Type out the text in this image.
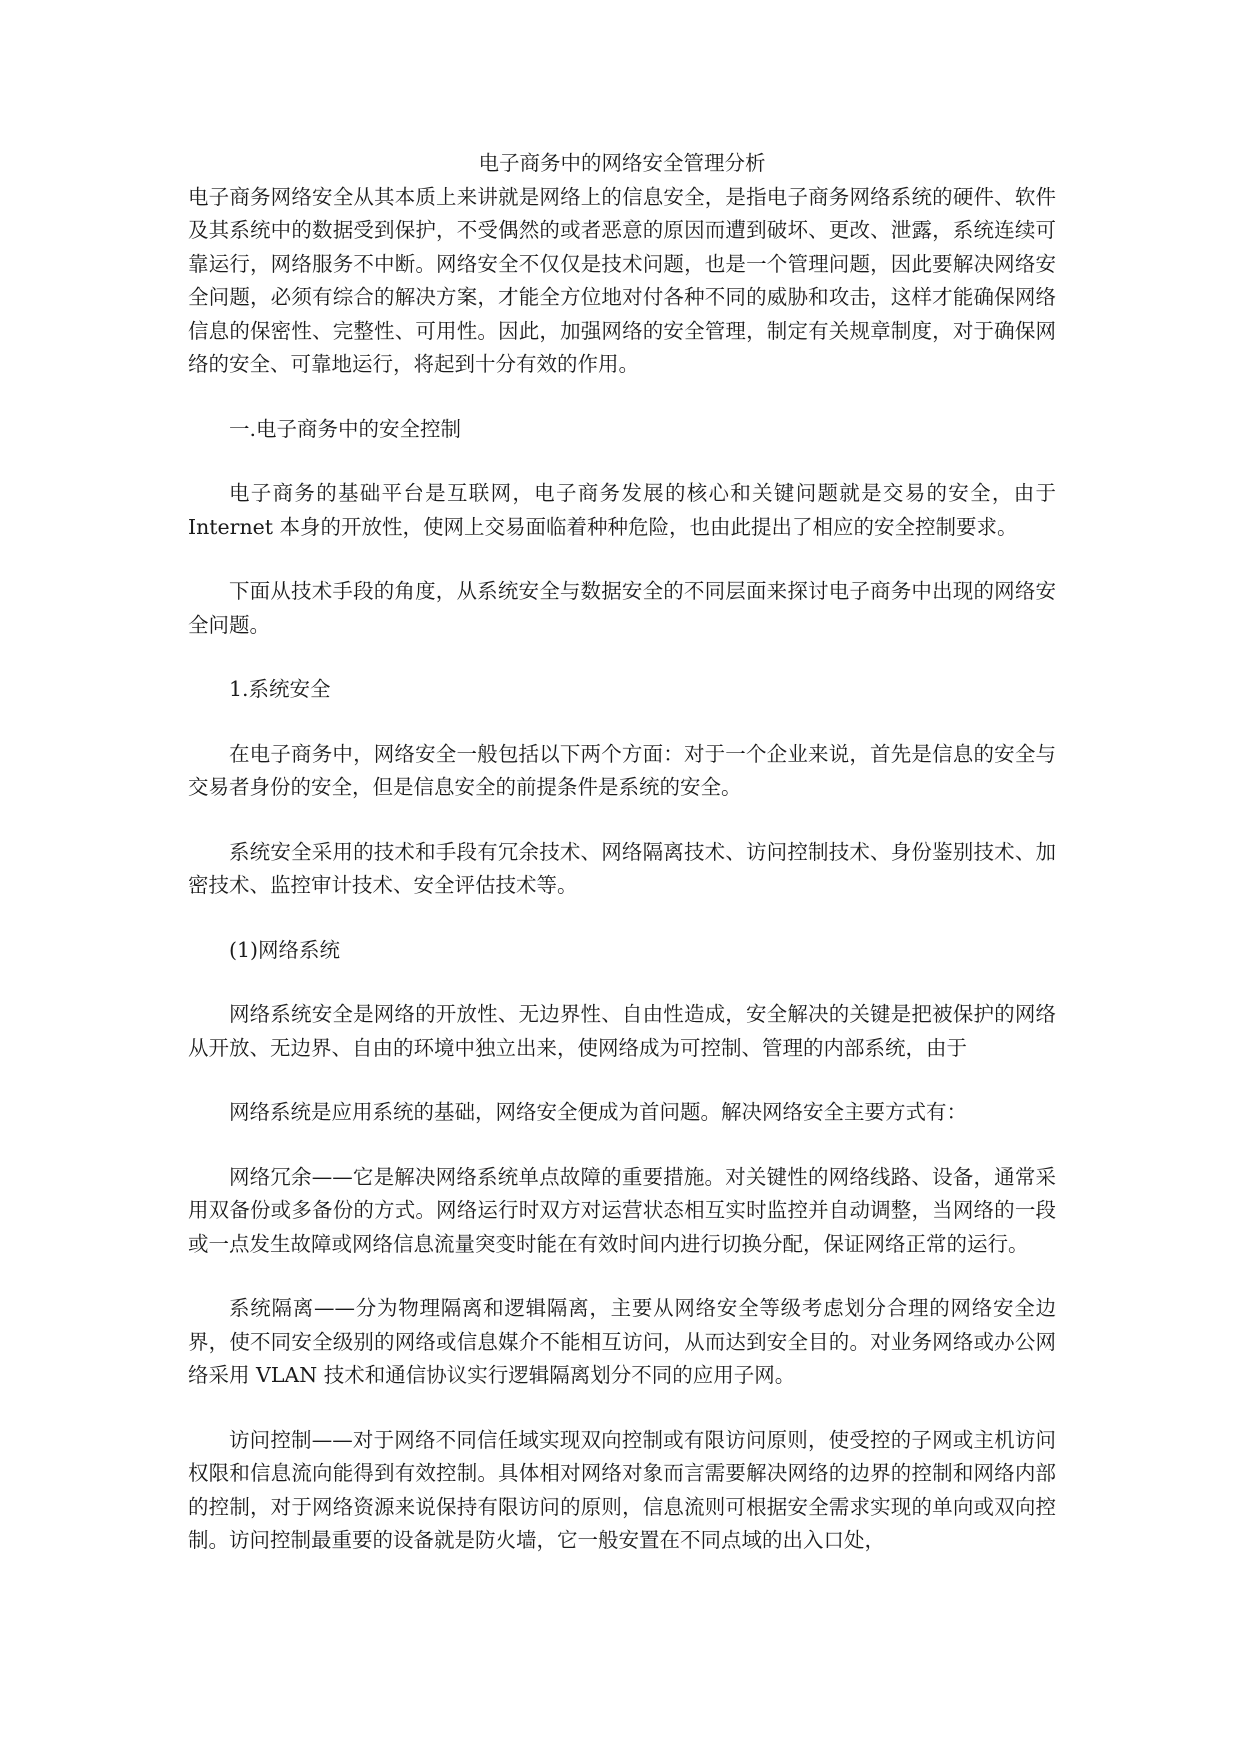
电子商务中的网络安全管理分析

电子商务网络安全从其本质上来讲就是网络上的信息安全，是指电子商务网络系统的硬件、软件及其系统中的数据受到保护，不受偶然的或者恶意的原因而遭到破坏、更改、泄露，系统连续可靠运行，网络服务不中断。网络安全不仅仅是技术问题，也是一个管理问题，因此要解决网络安全问题，必须有综合的解决方案，才能全方位地对付各种不同的威胁和攻击，这样才能确保网络信息的保密性、完整性、可用性。因此，加强网络的安全管理，制定有关规章制度，对于确保网络的安全、可靠地运行，将起到十分有效的作用。

一.电子商务中的安全控制

电子商务的基础平台是互联网，电子商务发展的核心和关键问题就是交易的安全，由于Internet 本身的开放性，使网上交易面临着种种危险，也由此提出了相应的安全控制要求。

下面从技术手段的角度，从系统安全与数据安全的不同层面来探讨电子商务中出现的网络安全问题。

1.系统安全

在电子商务中，网络安全一般包括以下两个方面：对于一个企业来说，首先是信息的安全与交易者身份的安全，但是信息安全的前提条件是系统的安全。

系统安全采用的技术和手段有冗余技术、网络隔离技术、访问控制技术、身份鉴别技术、加密技术、监控审计技术、安全评估技术等。

(1)网络系统

网络系统安全是网络的开放性、无边界性、自由性造成，安全解决的关键是把被保护的网络从开放、无边界、自由的环境中独立出来，使网络成为可控制、管理的内部系统，由于

网络系统是应用系统的基础，网络安全便成为首问题。解决网络安全主要方式有：

网络冗余——它是解决网络系统单点故障的重要措施。对关键性的网络线路、设备，通常采用双备份或多备份的方式。网络运行时双方对运营状态相互实时监控并自动调整，当网络的一段或一点发生故障或网络信息流量突变时能在有效时间内进行切换分配，保证网络正常的运行。

系统隔离——分为物理隔离和逻辑隔离，主要从网络安全等级考虑划分合理的网络安全边界，使不同安全级别的网络或信息媒介不能相互访问，从而达到安全目的。对业务网络或办公网络采用 VLAN 技术和通信协议实行逻辑隔离划分不同的应用子网。

访问控制——对于网络不同信任域实现双向控制或有限访问原则，使受控的子网或主机访问权限和信息流向能得到有效控制。具体相对网络对象而言需要解决网络的边界的控制和网络内部的控制，对于网络资源来说保持有限访问的原则，信息流则可根据安全需求实现的单向或双向控制。访问控制最重要的设备就是防火墙，它一般安置在不同点域的出入口处，
